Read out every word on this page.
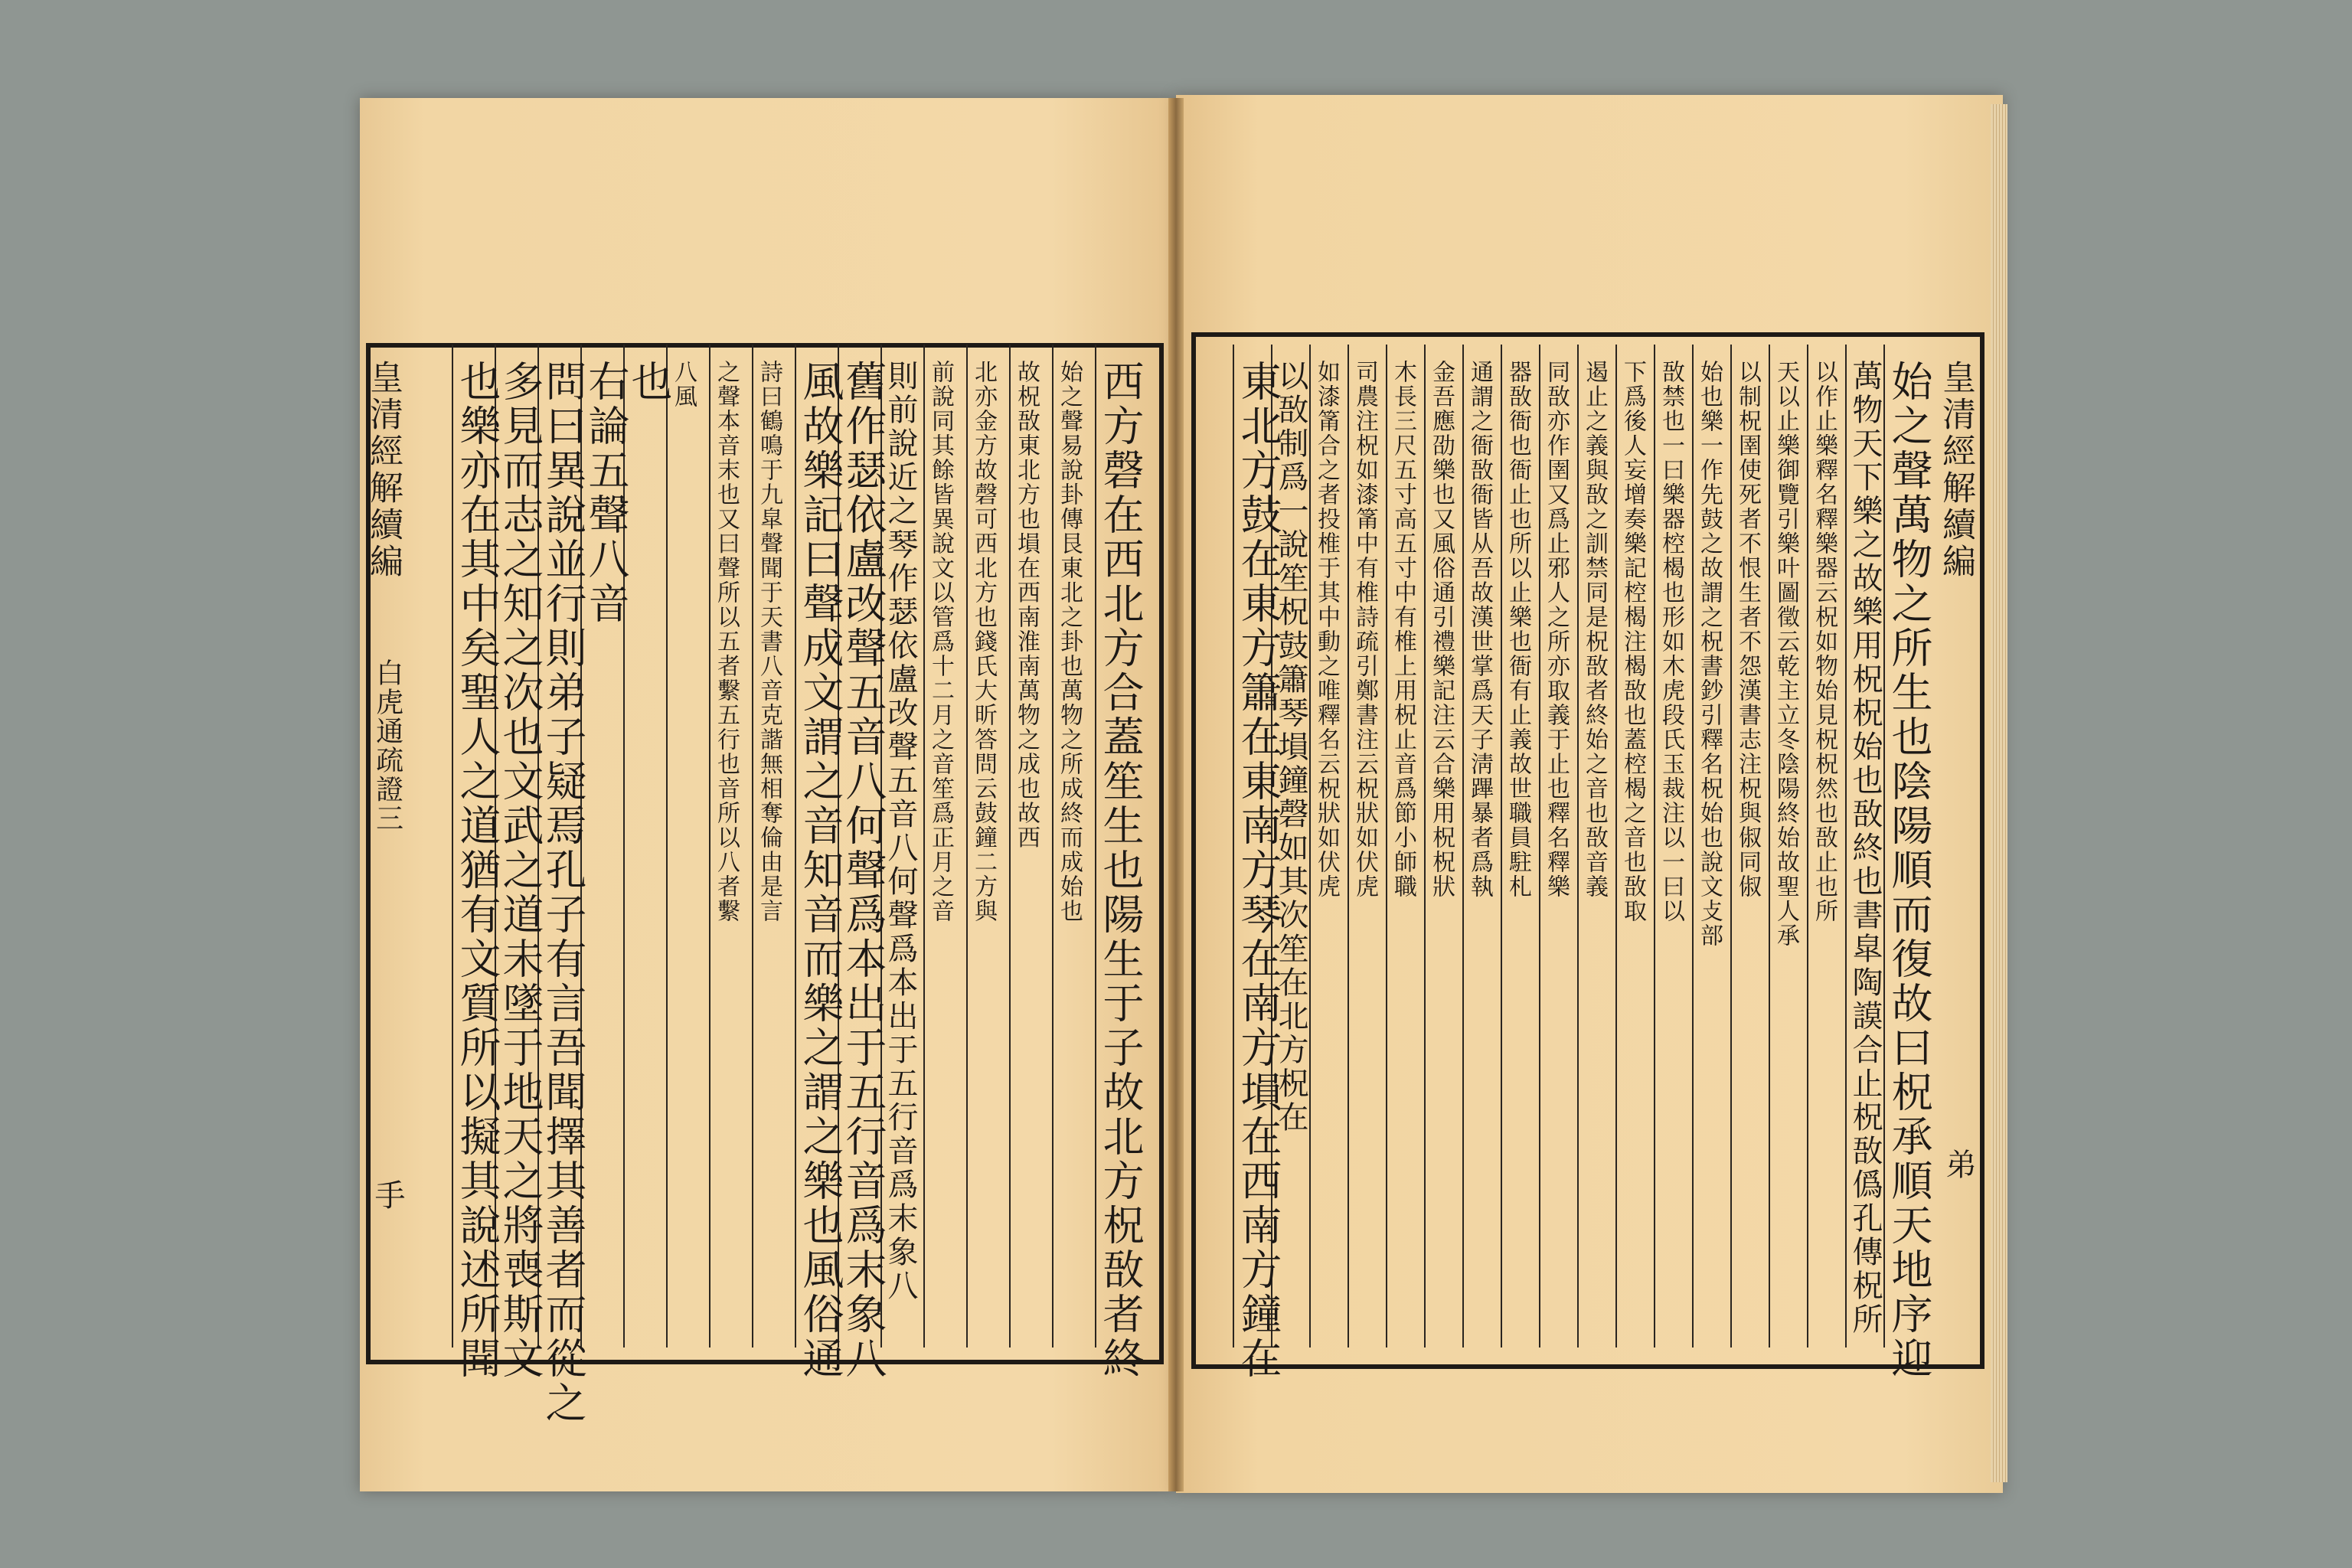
皇清經解續編
弟
皇清經解續編
白虎通疏證三
手	始之聲萬物之所生也陰陽順而復故曰柷承順天地序迎
萬物天下樂之故樂用柷柷始也敔終也書皐陶謨合止柷敔僞孔傳柷所
以作止樂釋名釋樂器云柷如物始見柷柷然也敔止也所
天以止樂御覽引樂叶圖徵云乾主立冬陰陽終始故聖人承
以制柷圉使死者不恨生者不怨漢書志注柷與俶同俶
始也樂一作先鼓之故謂之柷書鈔引釋名柷始也說文攴部
敔禁也一曰樂器椌楬也形如木虎段氏玉裁注以一曰以
下爲後人妄增奏樂記椌楬注楬敔也蓋椌楬之音也敔取
遏止之義與敔之訓禁同是柷敔者終始之音也敔音義
同敔亦作圉又爲止邪人之所亦取義于止也釋名釋樂
器敔衙也衙止也所以止樂也衙有止義故世職員駐札
通謂之衙敔衙皆从吾故漢世掌爲天子淸蹕暴者爲執
金吾應劭樂也又風俗通引禮樂記注云合樂用柷柷狀
木長三尺五寸高五寸中有椎上用柷止音爲節小師職
司農注柷如漆筩中有椎詩疏引鄭書注云柷狀如伏虎
如漆筩合之者投椎于其中動之唯釋名云柷狀如伏虎
以敔制爲一說笙柷鼓簫琴塤鐘磬如其次笙在北方柷在
東北方鼓在東方簫在東南方琴在南方塤在西南方鐘在
西方磬在西北方合蓋笙生也陽生于子故北方柷敔者終
始之聲易說卦傳艮東北之卦也萬物之所成終而成始也
故柷敔東北方也塤在西南淮南萬物之成也故西
北亦金方故磬可西北方也錢氏大昕答問云鼓鐘二方與
前說同其餘皆異說文以管爲十二月之音笙爲正月之音
則前說近之琴作瑟依盧改聲五音八何聲爲本出于五行音爲末象八
舊作瑟依盧改聲五音八何聲爲本出于五行音爲末象八
風故樂記曰聲成文謂之音知音而樂之謂之樂也風俗通
詩曰鶴鳴于九皐聲聞于天書八音克諧無相奪倫由是言
之聲本音末也又曰聲所以五者繫五行也音所以八者繫
八風
也
右論五聲八音
問曰異說並行則弟子疑焉孔子有言吾聞擇其善者而從之
多見而志之知之次也文武之道未墜于地天之將喪斯文
也樂亦在其中矣聖人之道猶有文質所以擬其說述所聞
